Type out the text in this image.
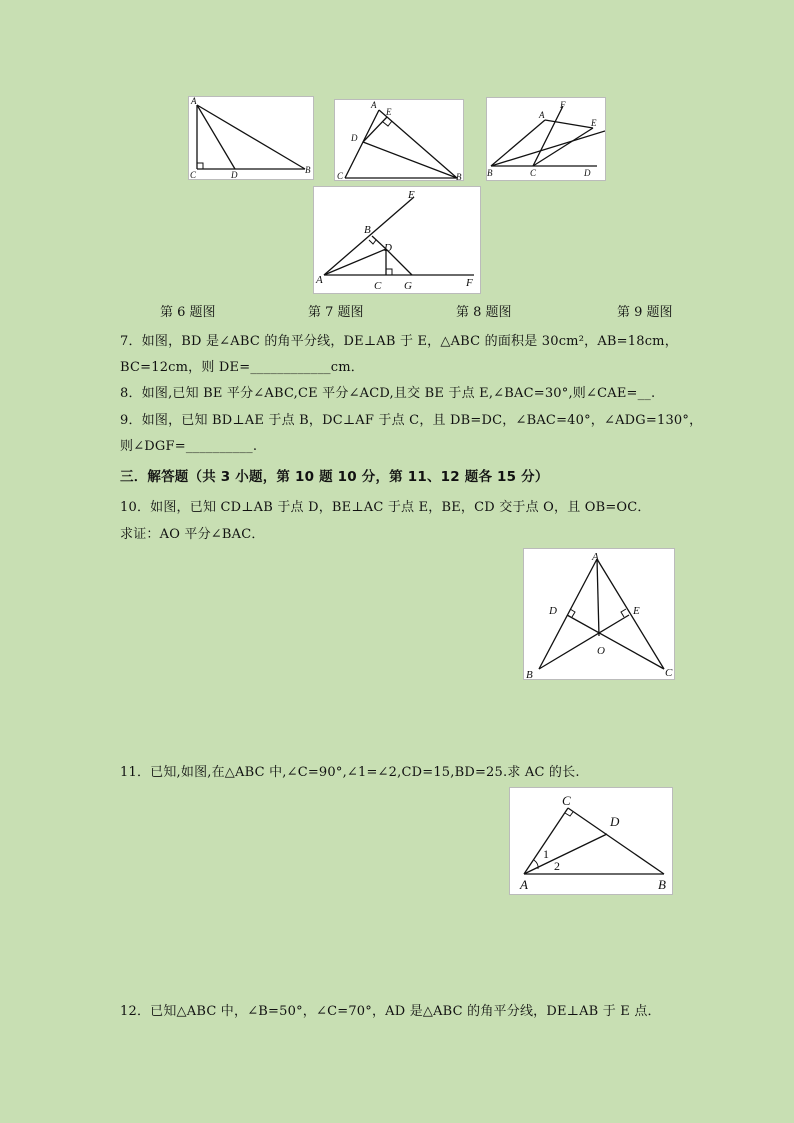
A
C	D	B
A
E
D
C	B
A
F
E
B	C	D
E
B
D
A	C G	F
第 6 题图	第 7 题图	第 8 题图	第 9 题图
7．如图，BD 是∠ABC 的角平分线，DE⊥AB 于 E，△ABC 的面积是 30cm²，AB=18cm，
BC=12cm，则 DE=____________cm．
8．如图,已知 BE 平分∠ABC,CE 平分∠ACD,且交 BE 于点 E,∠BAC=30°,则∠CAE=__.
9．如图，已知 BD⊥AE 于点 B，DC⊥AF 于点 C，且 DB=DC，∠BAC=40°，∠ADG=130°，
则∠DGF=__________.
三．解答题（共 3 小题，第 10 题 10 分，第 11、12 题各 15 分）
10．如图，已知 CD⊥AB 于点 D，BE⊥AC 于点 E，BE，CD 交于点 O，且 OB=OC．
求证：AO 平分∠BAC．
A
D	E
O
B	C
11．已知,如图,在△ABC 中,∠C=90°,∠1=∠2,CD=15,BD=25.求 AC 的长.
C
D
1
2
A	B
12．已知△ABC 中，∠B=50°，∠C=70°，AD 是△ABC 的角平分线，DE⊥AB 于 E 点．
